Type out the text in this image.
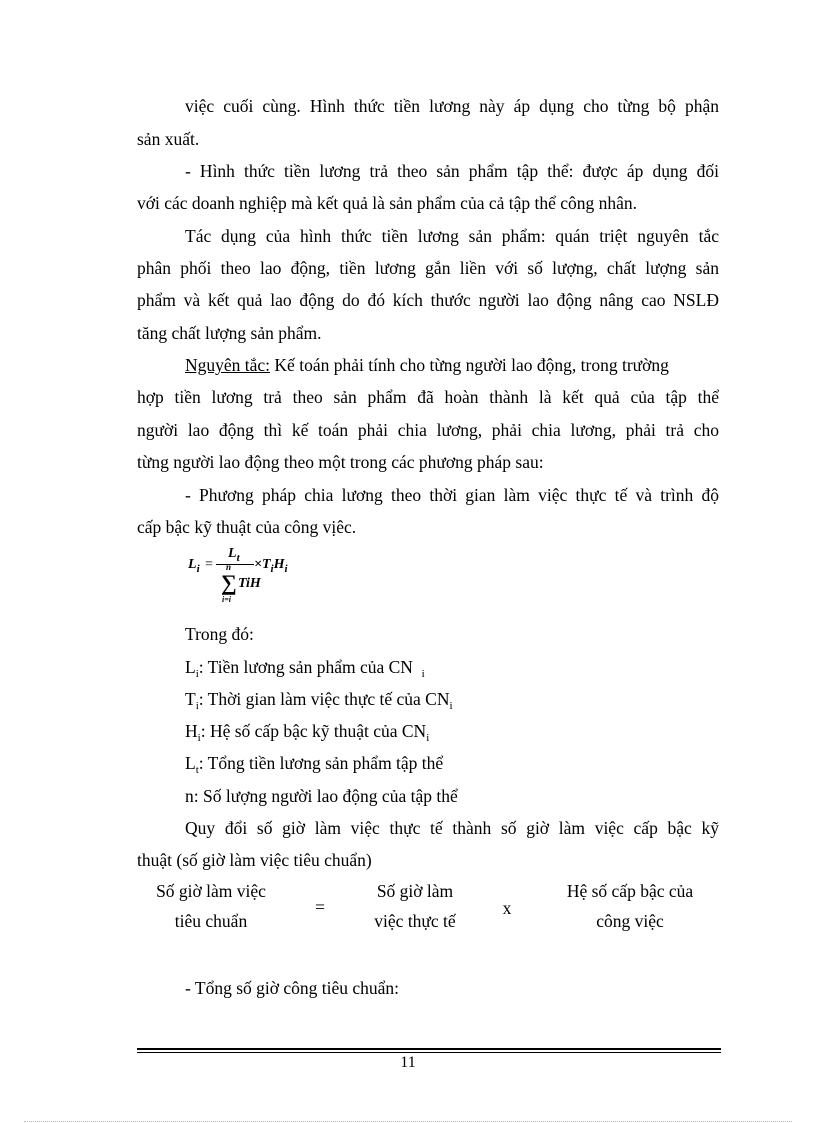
việc cuối cùng. Hình thức tiền lương này áp dụng cho từng bộ phận
sản xuất.
- Hình thức tiền lương trả theo sản phẩm tập thể: được áp dụng đối
với các doanh nghiệp mà kết quả là sản phẩm của cả tập thể công nhân.
Tác dụng của hình thức tiền lương sản phẩm: quán triệt nguyên tắc
phân phối theo lao động, tiền lương gắn liền với số lượng, chất lượng sản
phẩm và kết quả lao động do đó kích thước người lao động nâng cao NSLĐ
tăng chất lượng sản phẩm.
Nguyên tắc: Kế toán phải tính cho từng người lao động, trong trường
hợp tiền lương trả theo sản phẩm đã hoàn thành là kết quả của tập thể
người lao động thì kế toán phải chia lương, phải chia lương, phải trả cho
từng người lao động theo một trong các phương pháp sau:
- Phương pháp chia lương theo thời gian làm việc thực tế và trình độ
cấp bậc kỹ thuật của công vịêc.
$L_i$ =
$L_t \times T_iH_i$
n
∑ TiH
i=i
Trong đó:
$L_i$: Tiền lương sản phẩm của CN $_i$
$T_i$: Thời gian làm việc thực tế của $CN_i$
$H_i$: Hệ số cấp bậc kỹ thuật của $CN_i$
$L_t$: Tổng tiền lương sản phẩm tập thể
n: Số lượng người lao động của tập thể
Quy đổi số giờ làm việc thực tế thành số giờ làm việc cấp bậc kỹ
thuật (số giờ làm việc tiêu chuẩn)
Số giờ làm việc
tiêu chuẩn
=
Số giờ làm
việc thực tế
x
Hệ số cấp bậc của
công việc
- Tổng số giờ công tiêu chuẩn:
11
